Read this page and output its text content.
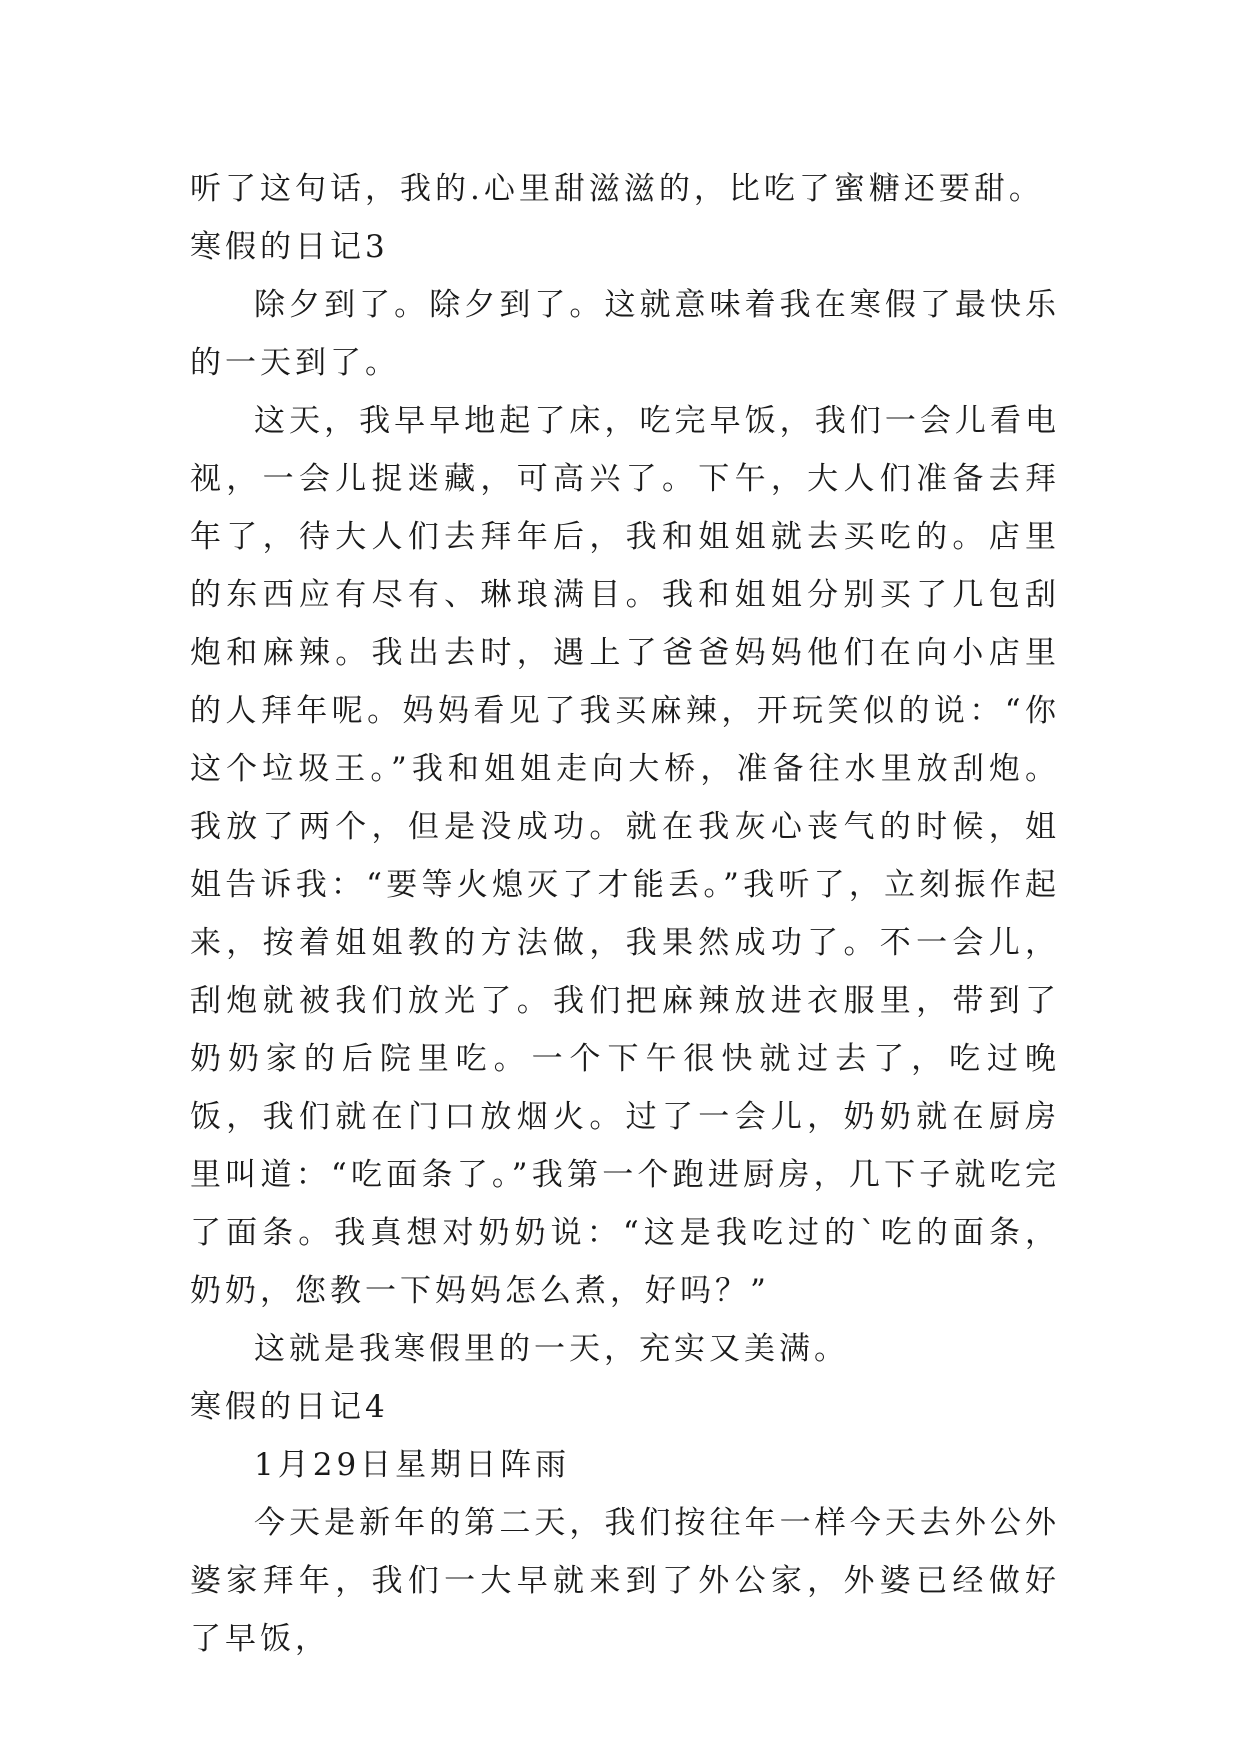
听了这句话，我的.心里甜滋滋的，比吃了蜜糖还要甜。

寒假的日记3

除夕到了。除夕到了。这就意味着我在寒假了最快乐的一天到了。

这天，我早早地起了床，吃完早饭，我们一会儿看电视，一会儿捉迷藏，可高兴了。下午，大人们准备去拜年了，待大人们去拜年后，我和姐姐就去买吃的。店里的东西应有尽有、琳琅满目。我和姐姐分别买了几包刮炮和麻辣。我出去时，遇上了爸爸妈妈他们在向小店里的人拜年呢。妈妈看见了我买麻辣，开玩笑似的说：“你这个垃圾王。”我和姐姐走向大桥，准备往水里放刮炮。我放了两个，但是没成功。就在我灰心丧气的时候，姐姐告诉我：“要等火熄灭了才能丢。”我听了，立刻振作起来，按着姐姐教的方法做，我果然成功了。不一会儿，刮炮就被我们放光了。我们把麻辣放进衣服里，带到了奶奶家的后院里吃。一个下午很快就过去了，吃过晚饭，我们就在门口放烟火。过了一会儿，奶奶就在厨房里叫道：“吃面条了。”我第一个跑进厨房，几下子就吃完了面条。我真想对奶奶说：“这是我吃过的`吃的面条，奶奶，您教一下妈妈怎么煮，好吗？”

这就是我寒假里的一天，充实又美满。

寒假的日记4

1月29日星期日阵雨

今天是新年的第二天，我们按往年一样今天去外公外婆家拜年，我们一大早就来到了外公家，外婆已经做好了早饭，
